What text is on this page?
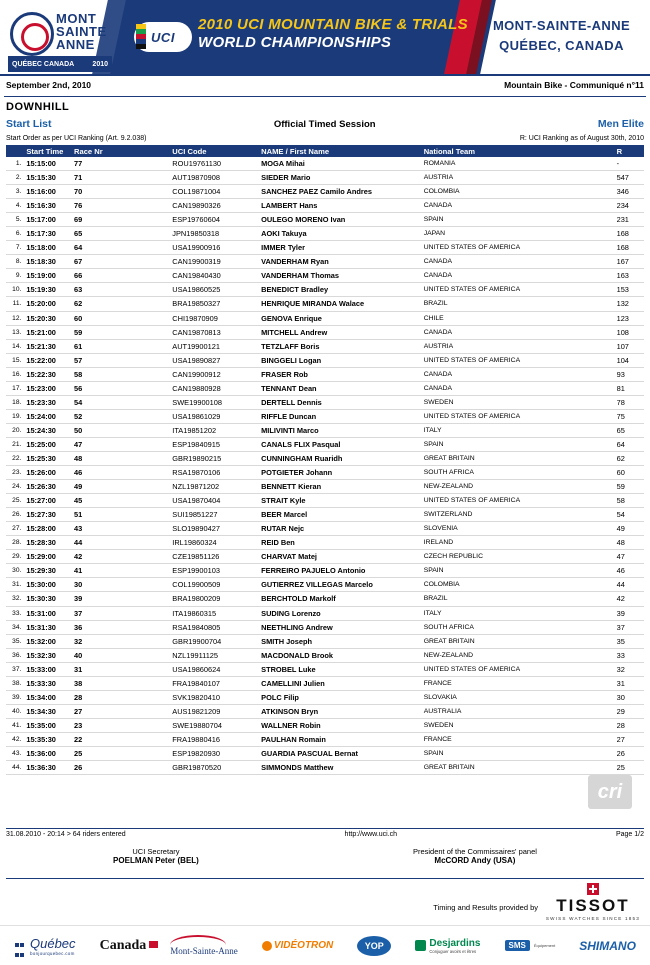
MONT
SAINTE
ANNE
QUÉBEC CANADA	2010
UCI
2010 UCI MOUNTAIN BIKE & TRIALS
WORLD CHAMPIONSHIPS
MONT-SAINTE-ANNE
QUÉBEC, CANADA
September 2nd, 2010	Mountain Bike - Communiqué n°11
DOWNHILL
Start List	Official Timed Session	Men Elite
Start Order as per UCI Ranking (Art. 9.2.038)	R: UCI Ranking as of August 30th, 2010
	Start Time	Race Nr		UCI Code	NAME / First Name	National Team	R
1.	15:15:00	77		ROU19761130	MOGA Mihai	ROMANIA	-
2.	15:15:30	71		AUT19870908	SIEDER Mario	AUSTRIA	547
3.	15:16:00	70		COL19871004	SANCHEZ PAEZ Camilo Andres	COLOMBIA	346
4.	15:16:30	76		CAN19890326	LAMBERT Hans	CANADA	234
5.	15:17:00	69		ESP19760604	OULEGO MORENO Ivan	SPAIN	231
6.	15:17:30	65		JPN19850318	AOKI Takuya	JAPAN	168
7.	15:18:00	64		USA19900916	IMMER Tyler	UNITED STATES OF AMERICA	168
8.	15:18:30	67		CAN19900319	VANDERHAM Ryan	CANADA	167
9.	15:19:00	66		CAN19840430	VANDERHAM Thomas	CANADA	163
10.	15:19:30	63		USA19860525	BENEDICT Bradley	UNITED STATES OF AMERICA	153
11.	15:20:00	62		BRA19850327	HENRIQUE MIRANDA Walace	BRAZIL	132
12.	15:20:30	60		CHI19870909	GENOVA Enrique	CHILE	123
13.	15:21:00	59		CAN19870813	MITCHELL Andrew	CANADA	108
14.	15:21:30	61		AUT19900121	TETZLAFF Boris	AUSTRIA	107
15.	15:22:00	57		USA19890827	BINGGELI Logan	UNITED STATES OF AMERICA	104
16.	15:22:30	58		CAN19900912	FRASER Rob	CANADA	93
17.	15:23:00	56		CAN19880928	TENNANT Dean	CANADA	81
18.	15:23:30	54		SWE19900108	DERTELL Dennis	SWEDEN	78
19.	15:24:00	52		USA19861029	RIFFLE Duncan	UNITED STATES OF AMERICA	75
20.	15:24:30	50		ITA19851202	MILIVINTI Marco	ITALY	65
21.	15:25:00	47		ESP19840915	CANALS FLIX Pasqual	SPAIN	64
22.	15:25:30	48		GBR19890215	CUNNINGHAM Ruaridh	GREAT BRITAIN	62
23.	15:26:00	46		RSA19870106	POTGIETER Johann	SOUTH AFRICA	60
24.	15:26:30	49		NZL19871202	BENNETT Kieran	NEW-ZEALAND	59
25.	15:27:00	45		USA19870404	STRAIT Kyle	UNITED STATES OF AMERICA	58
26.	15:27:30	51		SUI19851227	BEER Marcel	SWITZERLAND	54
27.	15:28:00	43		SLO19890427	RUTAR Nejc	SLOVENIA	49
28.	15:28:30	44		IRL19860324	REID Ben	IRELAND	48
29.	15:29:00	42		CZE19851126	CHARVAT Matej	CZECH REPUBLIC	47
30.	15:29:30	41		ESP19900103	FERREIRO PAJUELO Antonio	SPAIN	46
31.	15:30:00	30		COL19900509	GUTIERREZ VILLEGAS Marcelo	COLOMBIA	44
32.	15:30:30	39		BRA19800209	BERCHTOLD Markolf	BRAZIL	42
33.	15:31:00	37		ITA19860315	SUDING Lorenzo	ITALY	39
34.	15:31:30	36		RSA19840805	NEETHLING Andrew	SOUTH AFRICA	37
35.	15:32:00	32		GBR19900704	SMITH Joseph	GREAT BRITAIN	35
36.	15:32:30	40		NZL19911125	MACDONALD Brook	NEW-ZEALAND	33
37.	15:33:00	31		USA19860624	STROBEL Luke	UNITED STATES OF AMERICA	32
38.	15:33:30	38		FRA19840107	CAMELLINI Julien	FRANCE	31
39.	15:34:00	28		SVK19820410	POLC Filip	SLOVAKIA	30
40.	15:34:30	27		AUS19821209	ATKINSON Bryn	AUSTRALIA	29
41.	15:35:00	23		SWE19880704	WALLNER Robin	SWEDEN	28
42.	15:35:30	22		FRA19880416	PAULHAN Romain	FRANCE	27
43.	15:36:00	25		ESP19820930	GUARDIA PASCUAL Bernat	SPAIN	26
44.	15:36:30	26		GBR19870520	SIMMONDS Matthew	GREAT BRITAIN	25
cri
31.08.2010 - 20:14 > 64 riders entered	http://www.uci.ch	Page 1/2
UCI Secretary
POELMAN Peter (BEL)
President of the Commissaires' panel
McCORD Andy (USA)
Timing and Results provided by	TISSOT
SWISS WATCHES SINCE 1853
Québec
bonjourquebec.com
Canada	Mont-Sainte-Anne	VIDÉOTRON	YOP	Desjardins
Conjuguer avoirs et êtres
SMS	Équipement SHIMANO
